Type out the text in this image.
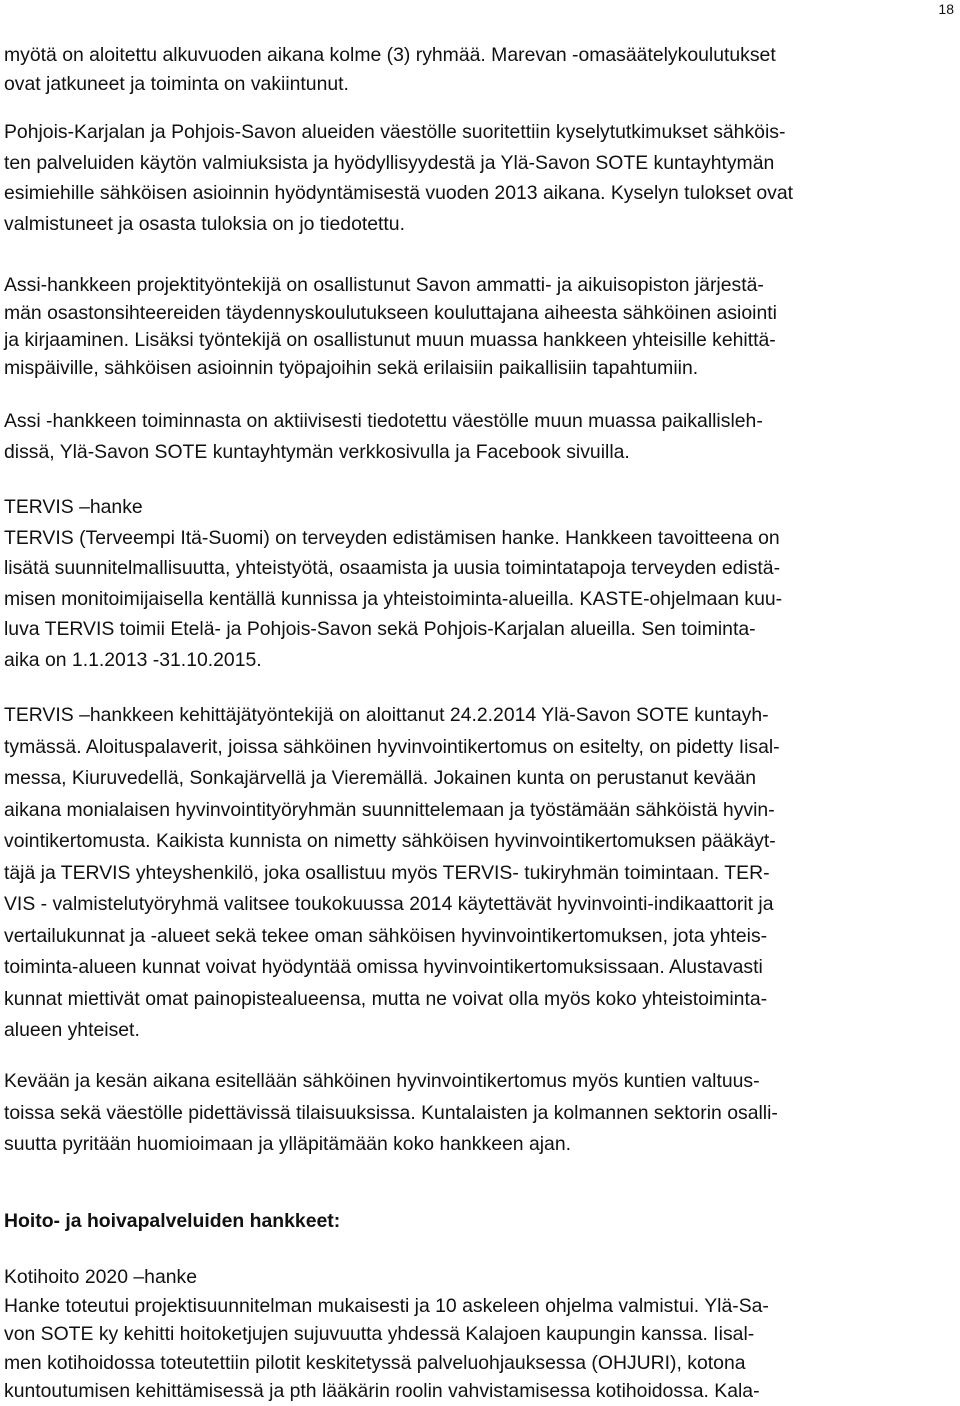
18
myötä on aloitettu alkuvuoden aikana kolme (3) ryhmää. Marevan -omasäätelykoulutukset
ovat jatkuneet ja toiminta on vakiintunut.
Pohjois-Karjalan ja Pohjois-Savon alueiden väestölle suoritettiin kyselytutkimukset sähköis-
ten palveluiden käytön valmiuksista ja hyödyllisyydestä ja Ylä-Savon SOTE kuntayhtymän
esimiehille sähköisen asioinnin hyödyntämisestä vuoden 2013 aikana. Kyselyn tulokset ovat
valmistuneet ja osasta tuloksia on jo tiedotettu.
Assi-hankkeen projektityöntekijä on osallistunut Savon ammatti- ja aikuisopiston järjestä-
män osastonsihteereiden täydennyskoulutukseen kouluttajana aiheesta sähköinen asiointi
ja kirjaaminen. Lisäksi työntekijä on osallistunut muun muassa hankkeen yhteisille kehittä-
mispäiville, sähköisen asioinnin työpajoihin sekä erilaisiin paikallisiin tapahtumiin.
Assi -hankkeen toiminnasta on aktiivisesti tiedotettu väestölle muun muassa paikallisleh-
dissä, Ylä-Savon SOTE kuntayhtymän verkkosivulla ja Facebook sivuilla.
TERVIS –hanke
TERVIS (Terveempi Itä-Suomi) on terveyden edistämisen hanke. Hankkeen tavoitteena on
lisätä suunnitelmallisuutta, yhteistyötä, osaamista ja uusia toimintatapoja terveyden edistä-
misen monitoimijaisella kentällä kunnissa ja yhteistoiminta-alueilla. KASTE-ohjelmaan kuu-
luva TERVIS toimii Etelä- ja Pohjois-Savon sekä Pohjois-Karjalan alueilla. Sen toiminta-
aika on 1.1.2013 -31.10.2015.
TERVIS –hankkeen kehittäjätyöntekijä on aloittanut 24.2.2014 Ylä-Savon SOTE kuntayh-
tymässä. Aloituspalaverit, joissa sähköinen hyvinvointikertomus on esitelty, on pidetty Iisal-
messa, Kiuruvedellä, Sonkajärvellä ja Vieremällä. Jokainen kunta on perustanut kevään
aikana monialaisen hyvinvointityöryhmän suunnittelemaan ja työstämään sähköistä hyvin-
vointikertomusta. Kaikista kunnista on nimetty sähköisen hyvinvointikertomuksen pääkäyt-
täjä ja TERVIS yhteyshenkilö, joka osallistuu myös TERVIS- tukiryhmän toimintaan. TER-
VIS - valmistelutyöryhmä valitsee toukokuussa 2014 käytettävät hyvinvointi-indikaattorit ja
vertailukunnat ja -alueet sekä tekee oman sähköisen hyvinvointikertomuksen, jota yhteis-
toiminta-alueen kunnat voivat hyödyntää omissa hyvinvointikertomuksissaan. Alustavasti
kunnat miettivät omat painopistealueensa, mutta ne voivat olla myös koko yhteistoiminta-
alueen yhteiset.
Kevään ja kesän aikana esitellään sähköinen hyvinvointikertomus myös kuntien valtuus-
toissa sekä väestölle pidettävissä tilaisuuksissa. Kuntalaisten ja kolmannen sektorin osalli-
suutta pyritään huomioimaan ja ylläpitämään koko hankkeen ajan.
Hoito- ja hoivapalveluiden hankkeet:
Kotihoito 2020 –hanke
Hanke toteutui projektisuunnitelman mukaisesti ja 10 askeleen ohjelma valmistui. Ylä-Sa-
von SOTE ky kehitti hoitoketjujen sujuvuutta yhdessä Kalajoen kaupungin kanssa. Iisal-
men kotihoidossa toteutettiin pilotit keskitetyssä palveluohjauksessa (OHJURI), kotona
kuntoutumisen kehittämisessä ja pth lääkärin roolin vahvistamisessa kotihoidossa. Kala-
